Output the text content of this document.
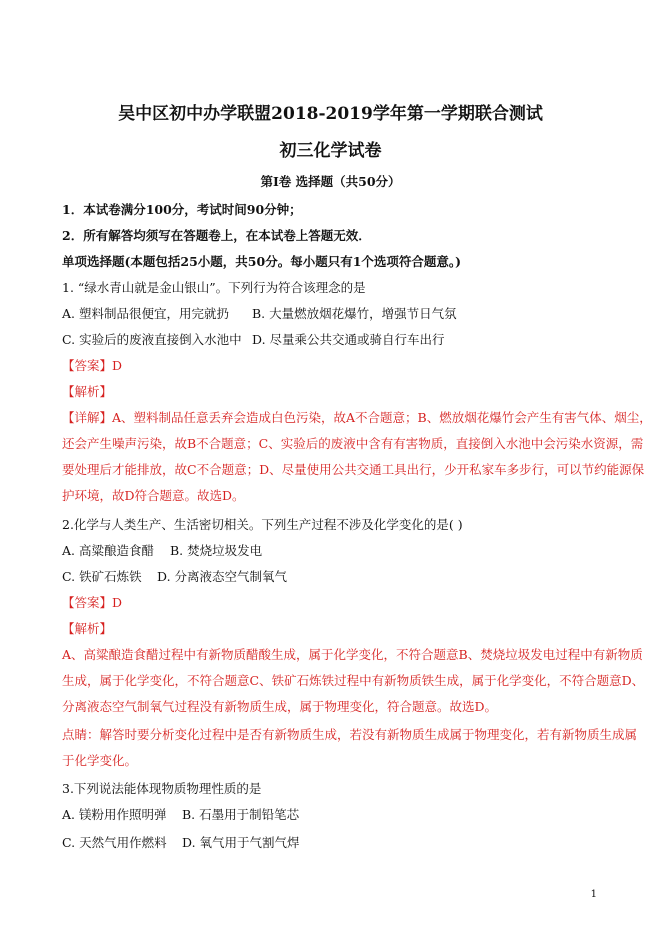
吴中区初中办学联盟2018-2019学年第一学期联合测试
初三化学试卷
第I卷 选择题（共50分）
1．本试卷满分100分，考试时间90分钟；
2．所有解答均须写在答题卷上，在本试卷上答题无效．
单项选择题(本题包括25小题，共50分。每小题只有1个选项符合题意。)
1. “绿水青山就是金山银山”。下列行为符合该理念的是
A. 塑料制品很便宜，用完就扔 B. 大量燃放烟花爆竹，增强节日气氛
C. 实验后的废液直接倒入水池中 D. 尽量乘公共交通或骑自行车出行
【答案】D
【解析】
【详解】A、塑料制品任意丢弃会造成白色污染，故A不合题意；B、燃放烟花爆竹会产生有害气体、烟尘，
还会产生噪声污染，故B不合题意；C、实验后的废液中含有有害物质，直接倒入水池中会污染水资源，需
要处理后才能排放，故C不合题意；D、尽量使用公共交通工具出行，少开私家车多步行，可以节约能源保
护环境，故D符合题意。故选D。
2.化学与人类生产、生活密切相关。下列生产过程不涉及化学变化的是( )
A. 高粱酿造食醋 B. 焚烧垃圾发电
C. 铁矿石炼铁 D. 分离液态空气制氧气
【答案】D
【解析】
A、高粱酿造食醋过程中有新物质醋酸生成，属于化学变化，不符合题意B、焚烧垃圾发电过程中有新物质
生成，属于化学变化，不符合题意C、铁矿石炼铁过程中有新物质铁生成，属于化学变化，不符合题意D、
分离液态空气制氧气过程没有新物质生成，属于物理变化，符合题意。故选D。
点睛：解答时要分析变化过程中是否有新物质生成，若没有新物质生成属于物理变化，若有新物质生成属
于化学变化。
3.下列说法能体现物质物理性质的是
A. 镁粉用作照明弹 B. 石墨用于制铅笔芯
C. 天然气用作燃料 D. 氧气用于气割气焊
1
